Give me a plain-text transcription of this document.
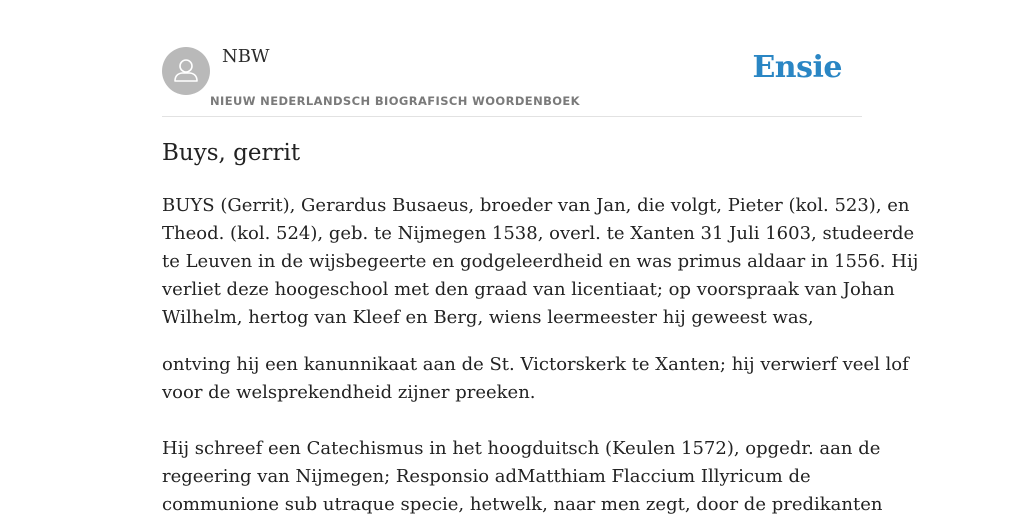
NBW
NIEUW NEDERLANDSCH BIOGRAFISCH WOORDENBOEK
Ensie
Buys, gerrit

BUYS (Gerrit), Gerardus Busaeus, broeder van Jan, die volgt, Pieter (kol. 523), en
Theod. (kol. 524), geb. te Nijmegen 1538, overl. te Xanten 31 Juli 1603, studeerde
te Leuven in de wijsbegeerte en godgeleerdheid en was primus aldaar in 1556. Hij
verliet deze hoogeschool met den graad van licentiaat; op voorspraak van Johan
Wilhelm, hertog van Kleef en Berg, wiens leermeester hij geweest was,

ontving hij een kanunnikaat aan de St. Victorskerk te Xanten; hij verwierf veel lof
voor de welsprekendheid zijner preeken.

Hij schreef een Catechismus in het hoogduitsch (Keulen 1572), opgedr. aan de
regeering van Nijmegen; Responsio adMatthiam Flaccium Illyricum de
communione sub utraque specie, hetwelk, naar men zegt, door de predikanten
